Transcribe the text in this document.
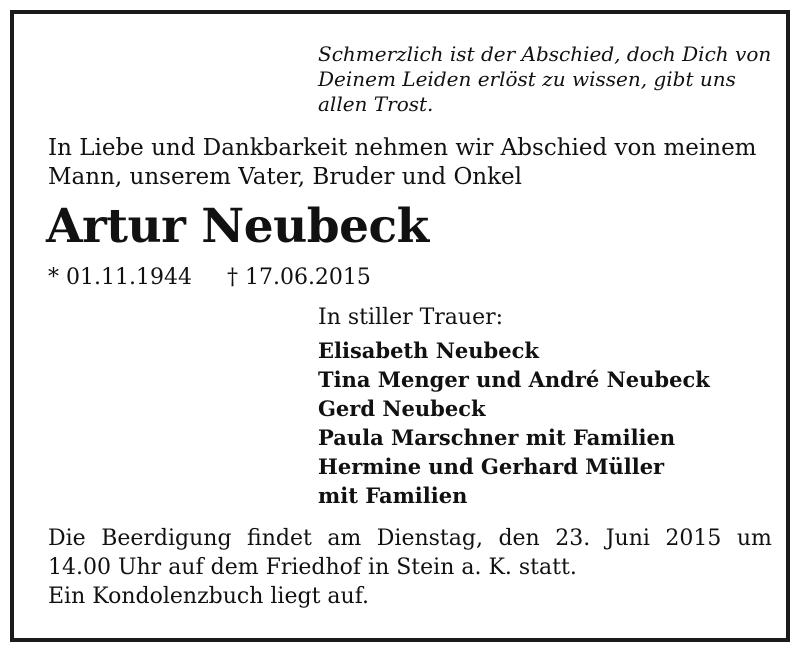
Schmerzlich ist der Abschied, doch Dich von
Deinem Leiden erlöst zu wissen, gibt uns
allen Trost.
In Liebe und Dankbarkeit nehmen wir Abschied von meinem
Mann, unserem Vater, Bruder und Onkel
Artur Neubeck
* 01.11.1944 † 17.06.2015
In stiller Trauer:
Elisabeth Neubeck
Tina Menger und André Neubeck
Gerd Neubeck
Paula Marschner mit Familien
Hermine und Gerhard Müller
mit Familien
Die Beerdigung findet am Dienstag, den 23. Juni 2015 um
14.00 Uhr auf dem Friedhof in Stein a. K. statt.
Ein Kondolenzbuch liegt auf.
